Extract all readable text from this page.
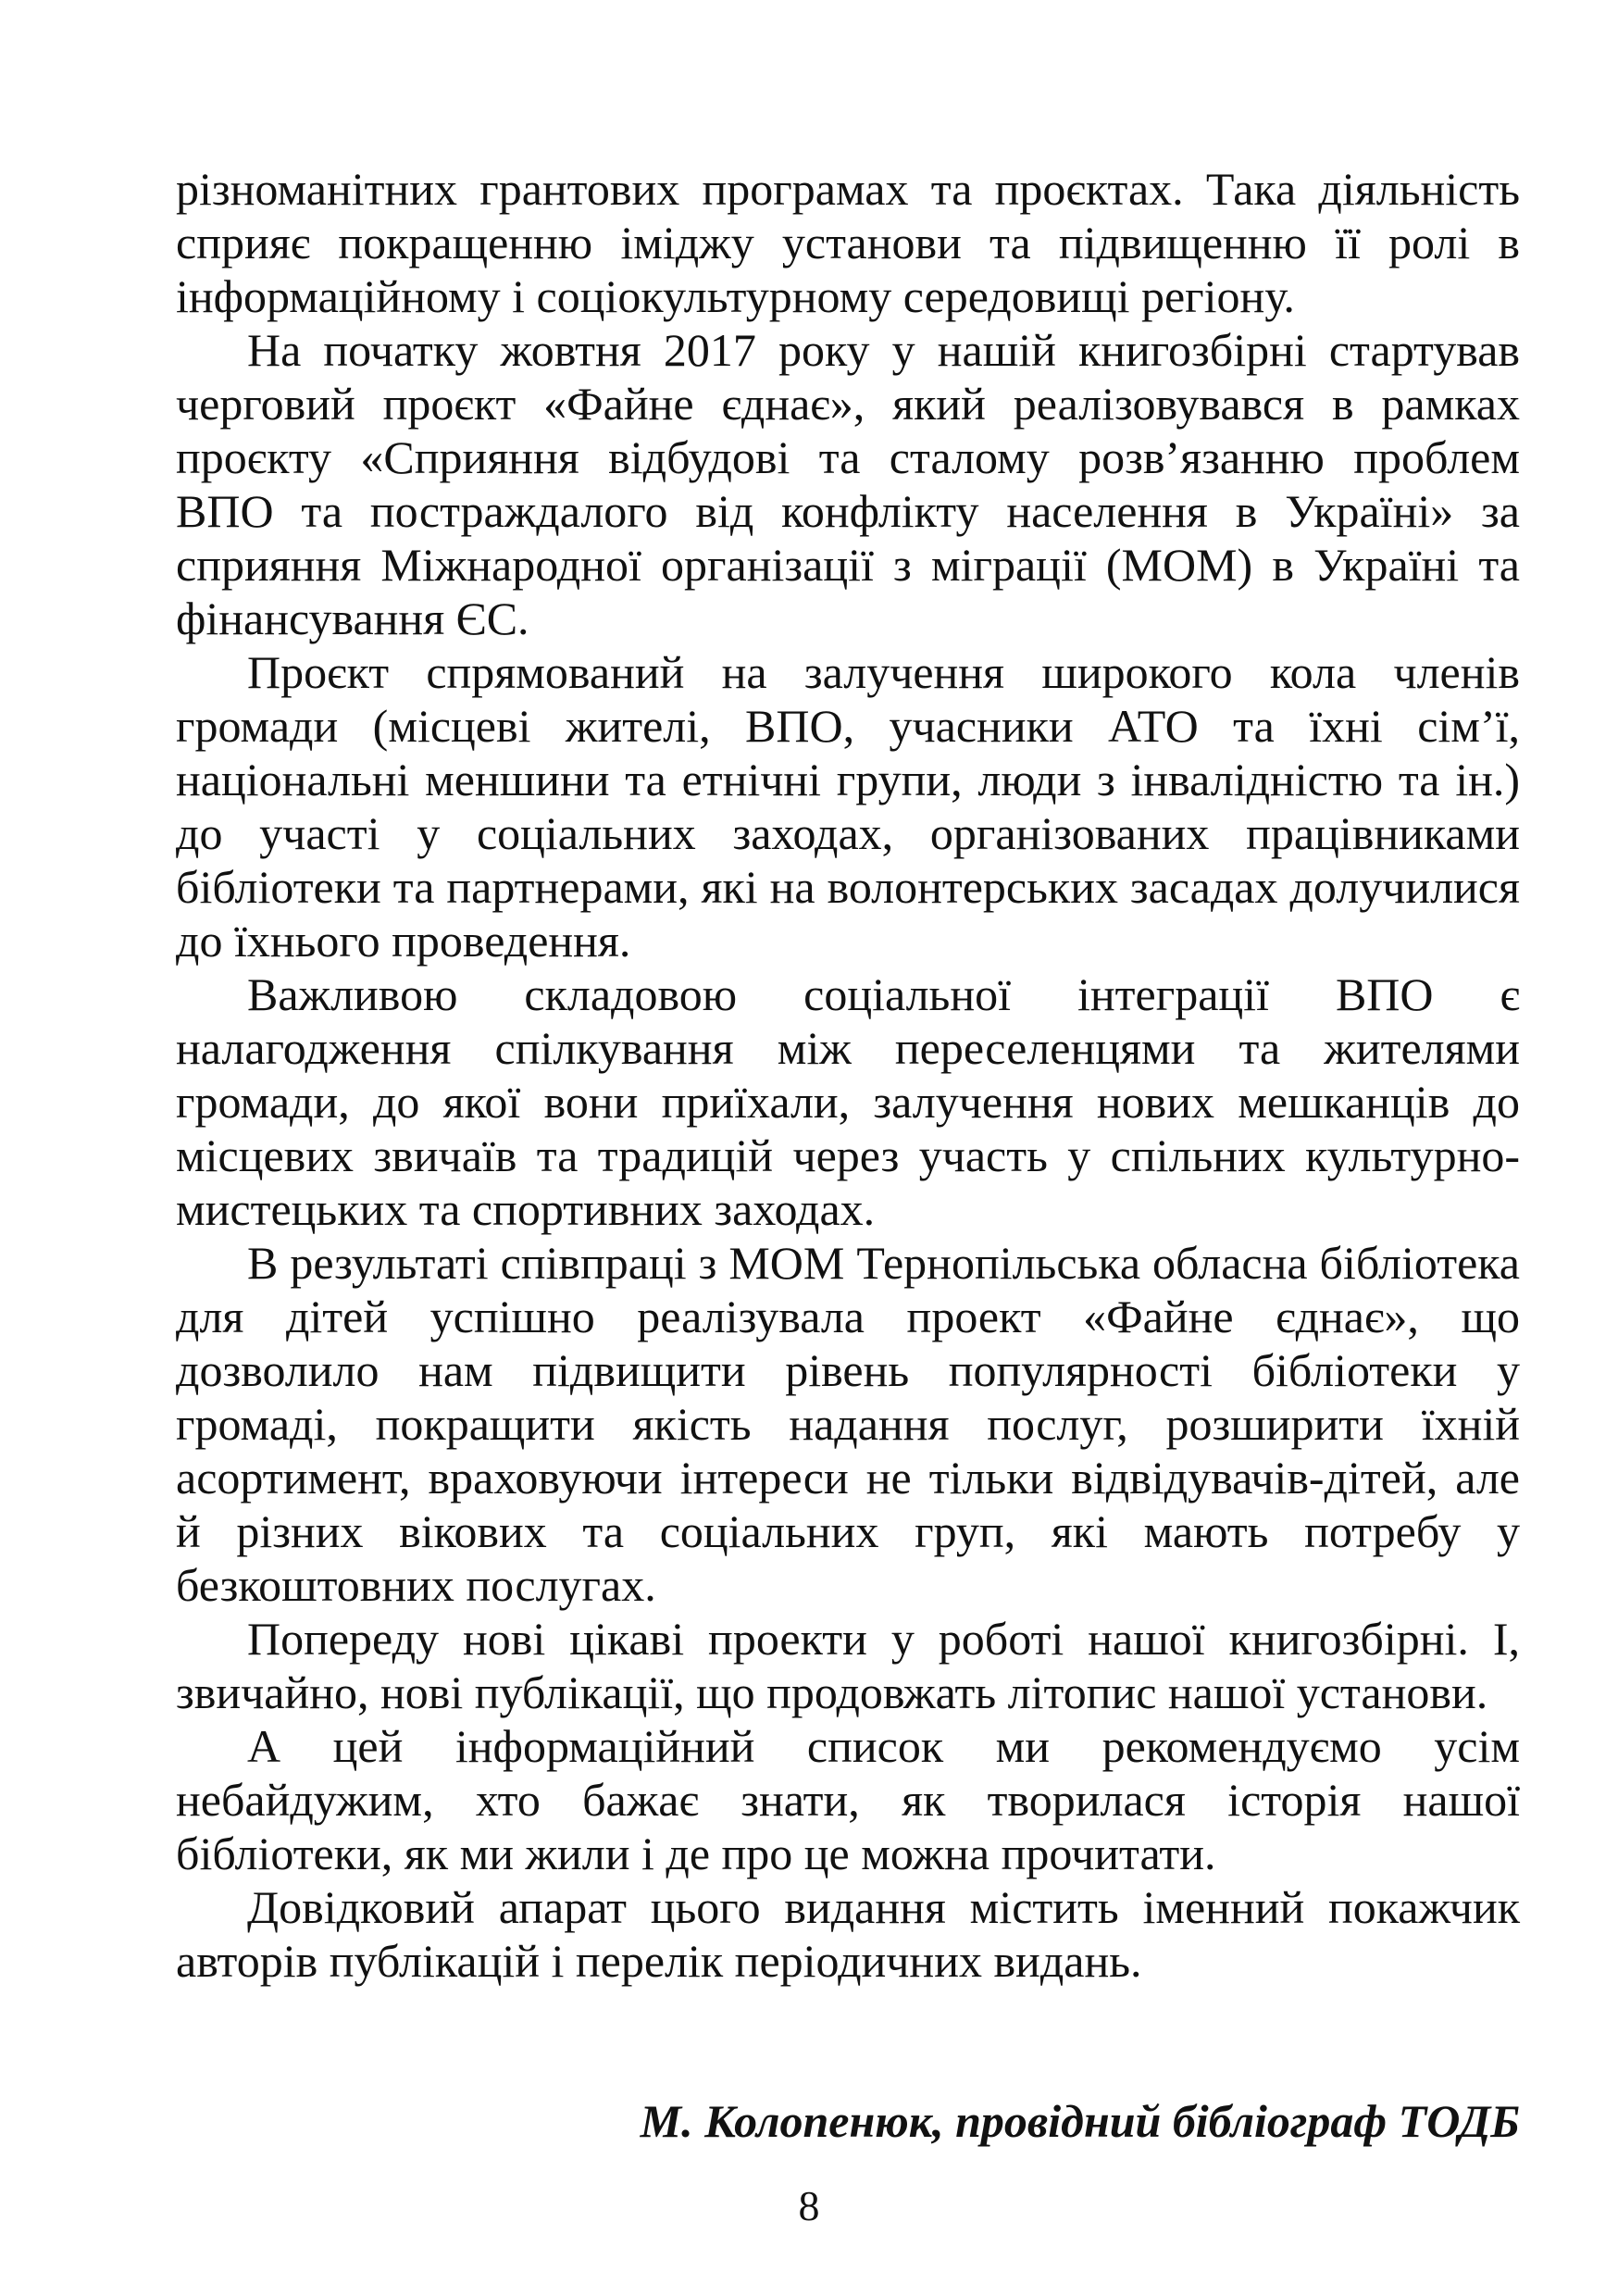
різноманітних грантових програмах та проєктах. Така діяльність сприяє покращенню іміджу установи та підвищенню її ролі в інформаційному і соціокультурному середовищі регіону.

На початку жовтня 2017 року у нашій книгозбірні стартував черговий проєкт «Файне єднає», який реалізовувався в рамках проєкту «Сприяння відбудові та сталому розв’язанню проблем ВПО та постраждалого від конфлікту населення в Україні» за сприяння Міжнародної організації з міграції (МОМ) в Україні та фінансування ЄС.

Проєкт спрямований на залучення широкого кола членів громади (місцеві жителі, ВПО, учасники АТО та їхні сім’ї, національні меншини та етнічні групи, люди з інвалідністю та ін.) до участі у соціальних заходах, організованих працівниками бібліотеки та партнерами, які на волонтерських засадах долучилися до їхнього проведення.

Важливою складовою соціальної інтеграції ВПО є налагодження спілкування між переселенцями та жителями громади, до якої вони приїхали, залучення нових мешканців до місцевих звичаїв та традицій через участь у спільних культурно-мистецьких та спортивних заходах.

В результаті співпраці з МОМ Тернопільська обласна бібліотека для дітей успішно реалізувала проект «Файне єднає», що дозволило нам підвищити рівень популярності бібліотеки у громаді, покращити якість надання послуг, розширити їхній асортимент, враховуючи інтереси не тільки відвідувачів-дітей, але й різних вікових та соціальних груп, які мають потребу у безкоштовних послугах.

Попереду нові цікаві проекти у роботі нашої книгозбірні. І, звичайно, нові публікації, що продовжать літопис нашої установи.

А цей інформаційний список ми рекомендуємо усім небайдужим, хто бажає знати, як творилася історія нашої бібліотеки, як ми жили і де про це можна прочитати.

Довідковий апарат цього видання містить іменний покажчик авторів публікацій і перелік періодичних видань.

М. Колопенюк, провідний бібліограф ТОДБ
8
